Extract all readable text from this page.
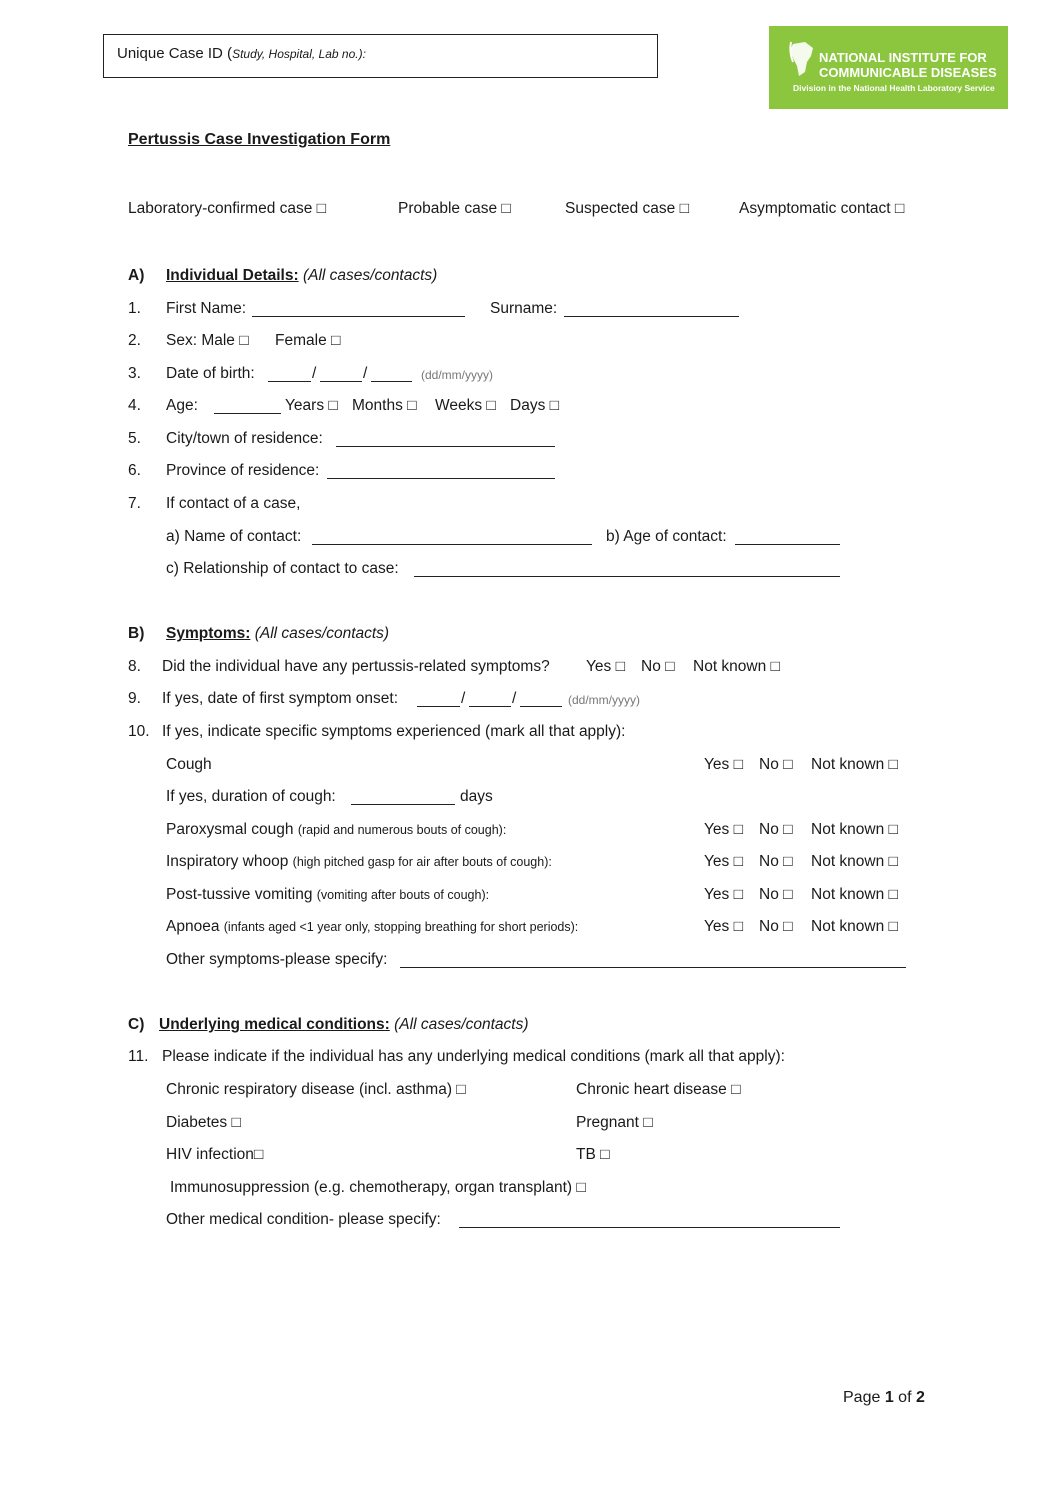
Unique Case ID (Study, Hospital, Lab no.):	NATIONAL INSTITUTE FOR
COMMUNICABLE DISEASES
Division in the National Health Laboratory Service
Pertussis Case Investigation Form
Laboratory-confirmed case □	Probable case □	Suspected case □	Asymptomatic contact □
A) Individual Details: (All cases/contacts)
1. First Name:	Surname:
2. Sex: Male □ Female □
3. Date of birth:	/	/	(dd/mm/yyyy)
4. Age:	Years □ Months □ Weeks □ Days □
5. City/town of residence:
6. Province of residence:
7. If contact of a case,
a) Name of contact:	b) Age of contact:
c) Relationship of contact to case:
B) Symptoms: (All cases/contacts)
8. Did the individual have any pertussis-related symptoms? Yes □ No □ Not known □
9. If yes, date of first symptom onset:	/	/	(dd/mm/yyyy)
10. If yes, indicate specific symptoms experienced (mark all that apply):
Cough	Yes □ No □ Not known □
If yes, duration of cough:	days
Paroxysmal cough (rapid and numerous bouts of cough):	Yes □ No □ Not known □
Inspiratory whoop (high pitched gasp for air after bouts of cough):	Yes □ No □ Not known □
Post-tussive vomiting (vomiting after bouts of cough):	Yes □ No □ Not known □
Apnoea (infants aged <1 year only, stopping breathing for short periods):	Yes □ No □ Not known □
Other symptoms-please specify:
C) Underlying medical conditions: (All cases/contacts)
11. Please indicate if the individual has any underlying medical conditions (mark all that apply):
Chronic respiratory disease (incl. asthma) □	Chronic heart disease □
Diabetes □	Pregnant □
HIV infection□	TB □
Immunosuppression (e.g. chemotherapy, organ transplant) □
Other medical condition- please specify:
Page 1 of 2
